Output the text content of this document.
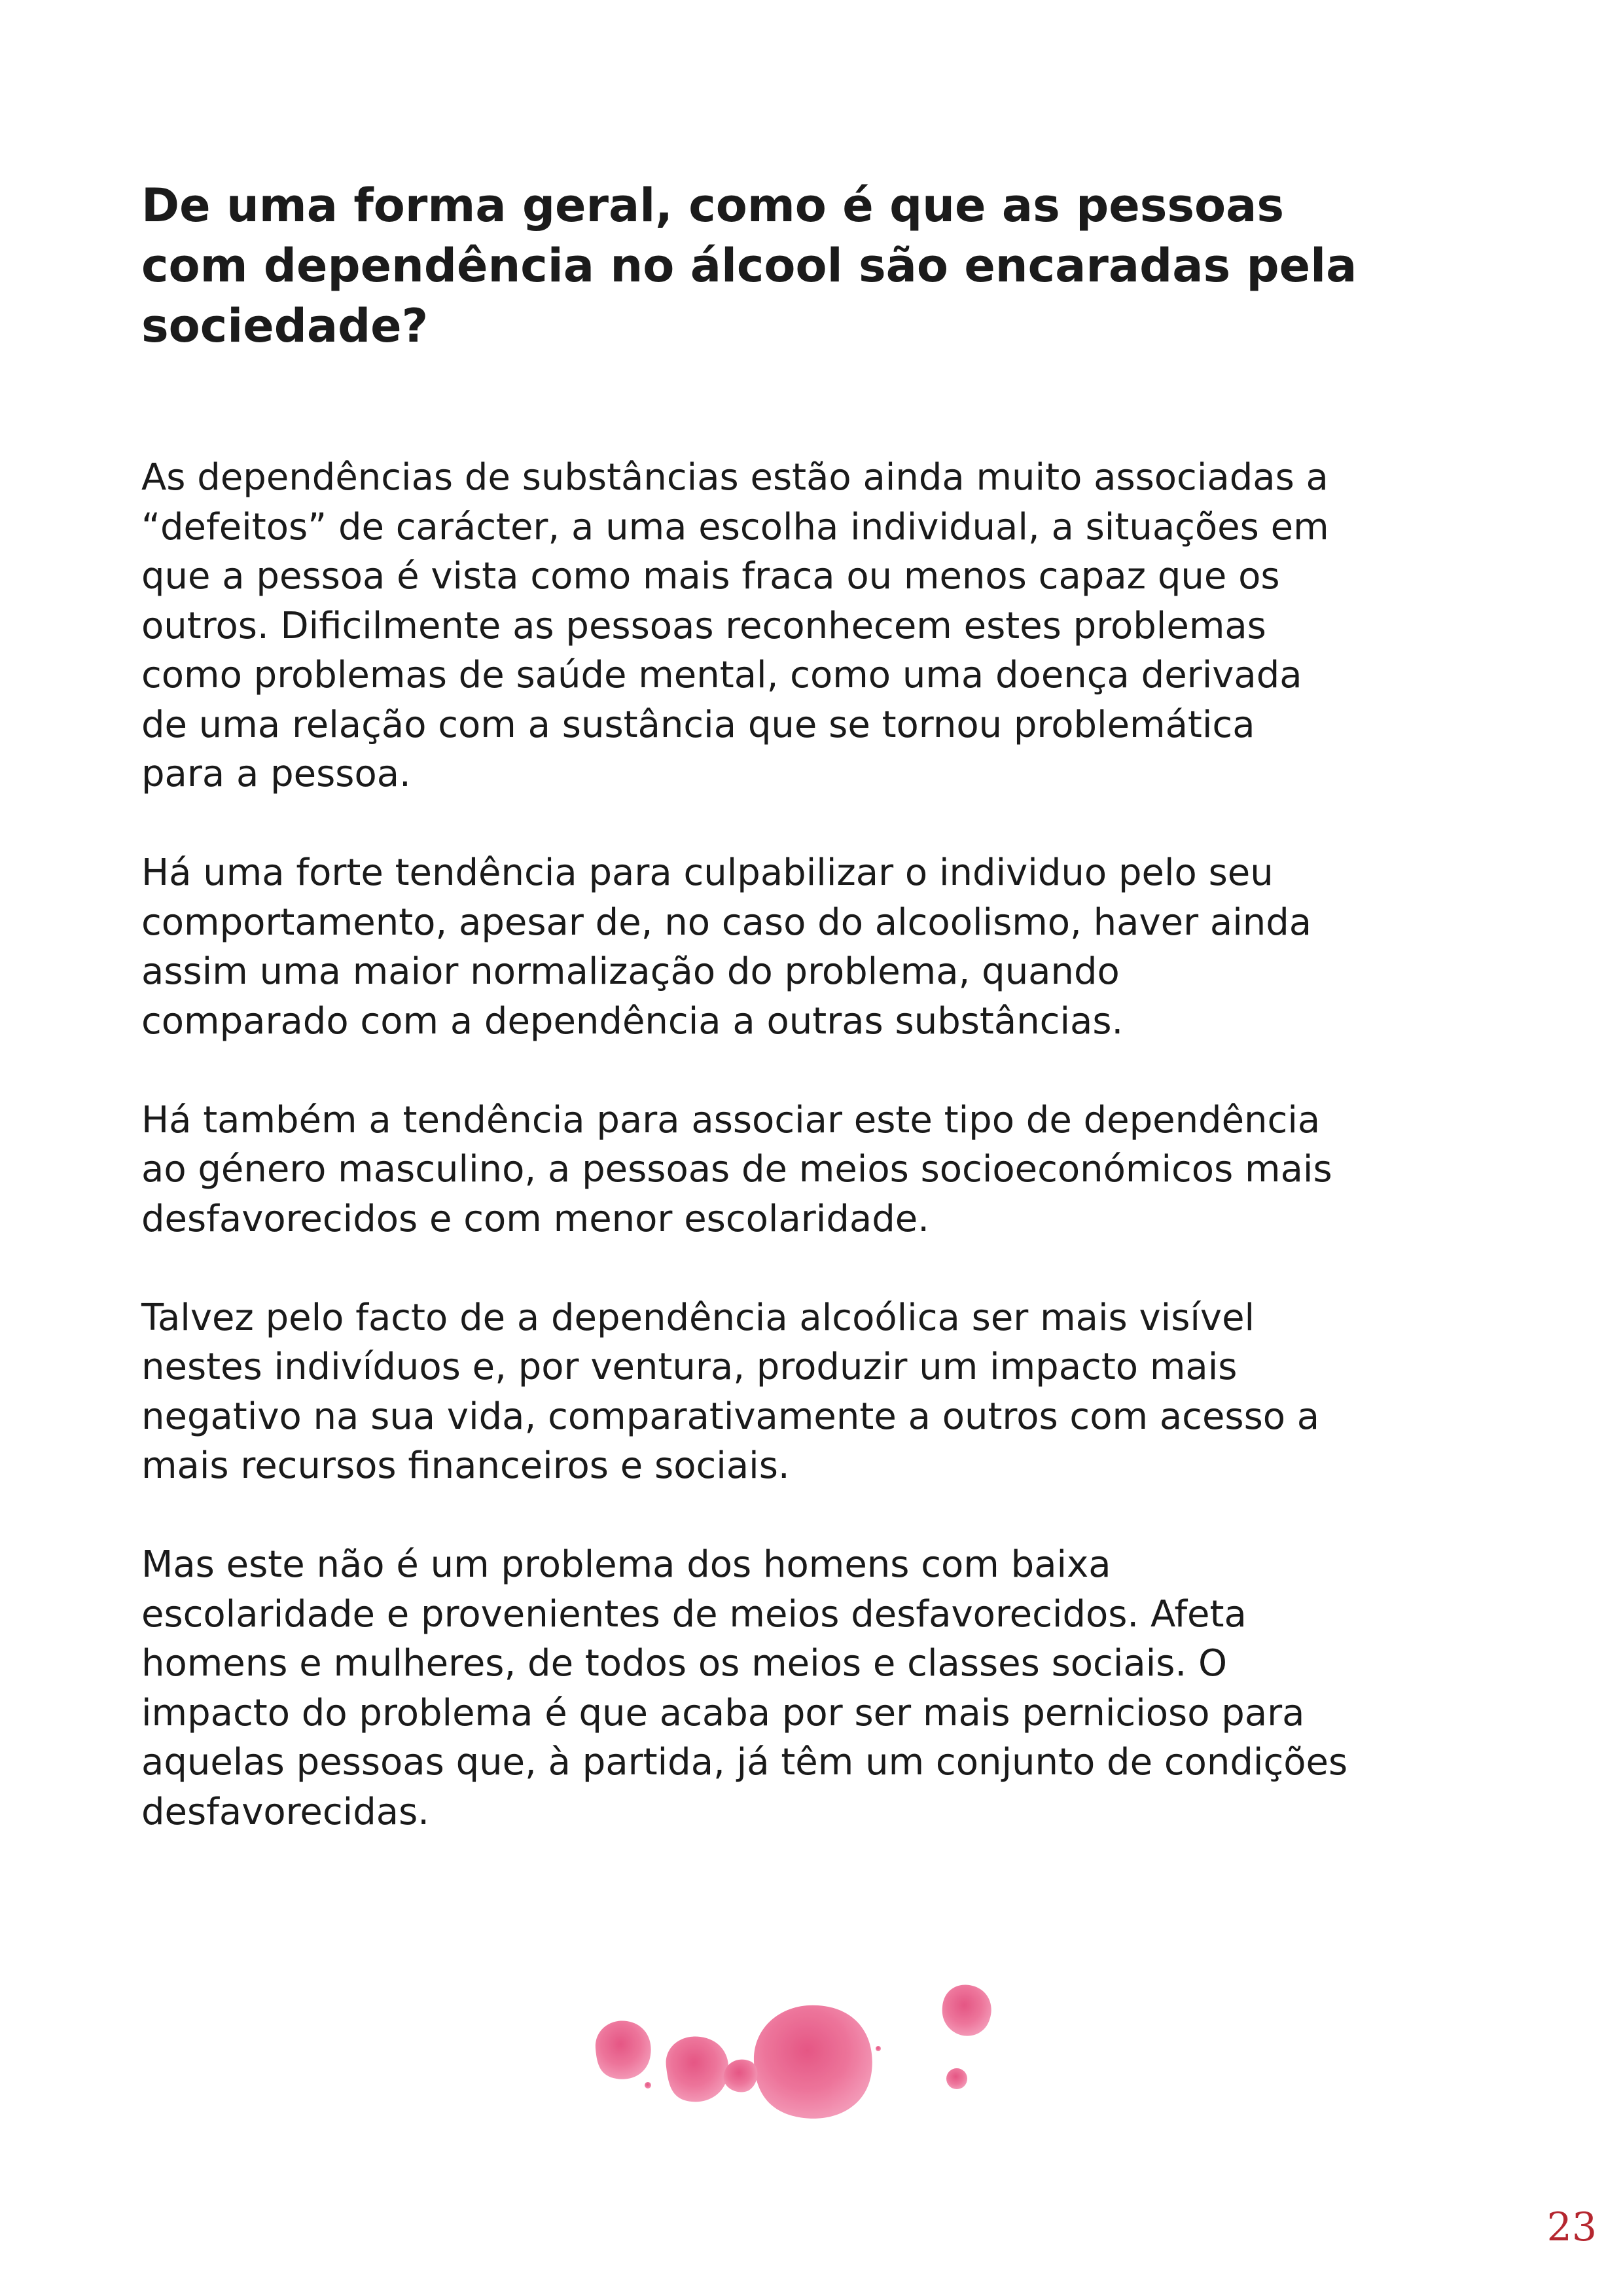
De uma forma geral, como é que as pessoas
com dependência no álcool são encaradas pela
sociedade?

As dependências de substâncias estão ainda muito associadas a
“defeitos” de carácter, a uma escolha individual, a situações em
que a pessoa é vista como mais fraca ou menos capaz que os
outros. Dificilmente as pessoas reconhecem estes problemas
como problemas de saúde mental, como uma doença derivada
de uma relação com a sustância que se tornou problemática
para a pessoa.

Há uma forte tendência para culpabilizar o individuo pelo seu
comportamento, apesar de, no caso do alcoolismo, haver ainda
assim uma maior normalização do problema, quando
comparado com a dependência a outras substâncias.

Há também a tendência para associar este tipo de dependência
ao género masculino, a pessoas de meios socioeconómicos mais
desfavorecidos e com menor escolaridade.

Talvez pelo facto de a dependência alcoólica ser mais visível
nestes indivíduos e, por ventura, produzir um impacto mais
negativo na sua vida, comparativamente a outros com acesso a
mais recursos financeiros e sociais.

Mas este não é um problema dos homens com baixa
escolaridade e provenientes de meios desfavorecidos. Afeta
homens e mulheres, de todos os meios e classes sociais. O
impacto do problema é que acaba por ser mais pernicioso para
aquelas pessoas que, à partida, já têm um conjunto de condições
desfavorecidas.

23
